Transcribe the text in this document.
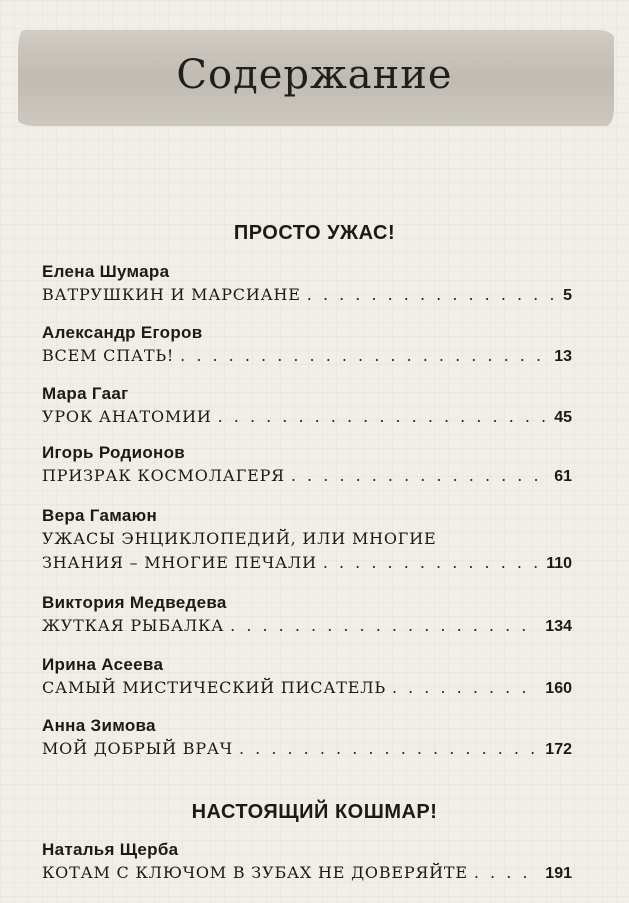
Содержание
ПРОСТО УЖАС!
Елена Шумара
ВАТРУШКИН И МАРСИАНЕ . . .	5
Александр Егоров
ВСЕМ СПАТЬ! . . .	13
Мара Гааг
УРОК АНАТОМИИ . . .	45
Игорь Родионов
ПРИЗРАК КОСМОЛАГЕРЯ . . .	61
Вера Гамаюн
УЖАСЫ ЭНЦИКЛОПЕДИЙ, ИЛИ МНОГИЕ
ЗНАНИЯ – МНОГИЕ ПЕЧАЛИ . . .	110
Виктория Медведева
ЖУТКАЯ РЫБАЛКА . . .	134
Ирина Асеева
САМЫЙ МИСТИЧЕСКИЙ ПИСАТЕЛЬ . . .	160
Анна Зимова
МОЙ ДОБРЫЙ ВРАЧ . . .	172
НАСТОЯЩИЙ КОШМАР!
Наталья Щерба
КОТАМ С КЛЮЧОМ В ЗУБАХ НЕ ДОВЕРЯЙТЕ . . .	191
